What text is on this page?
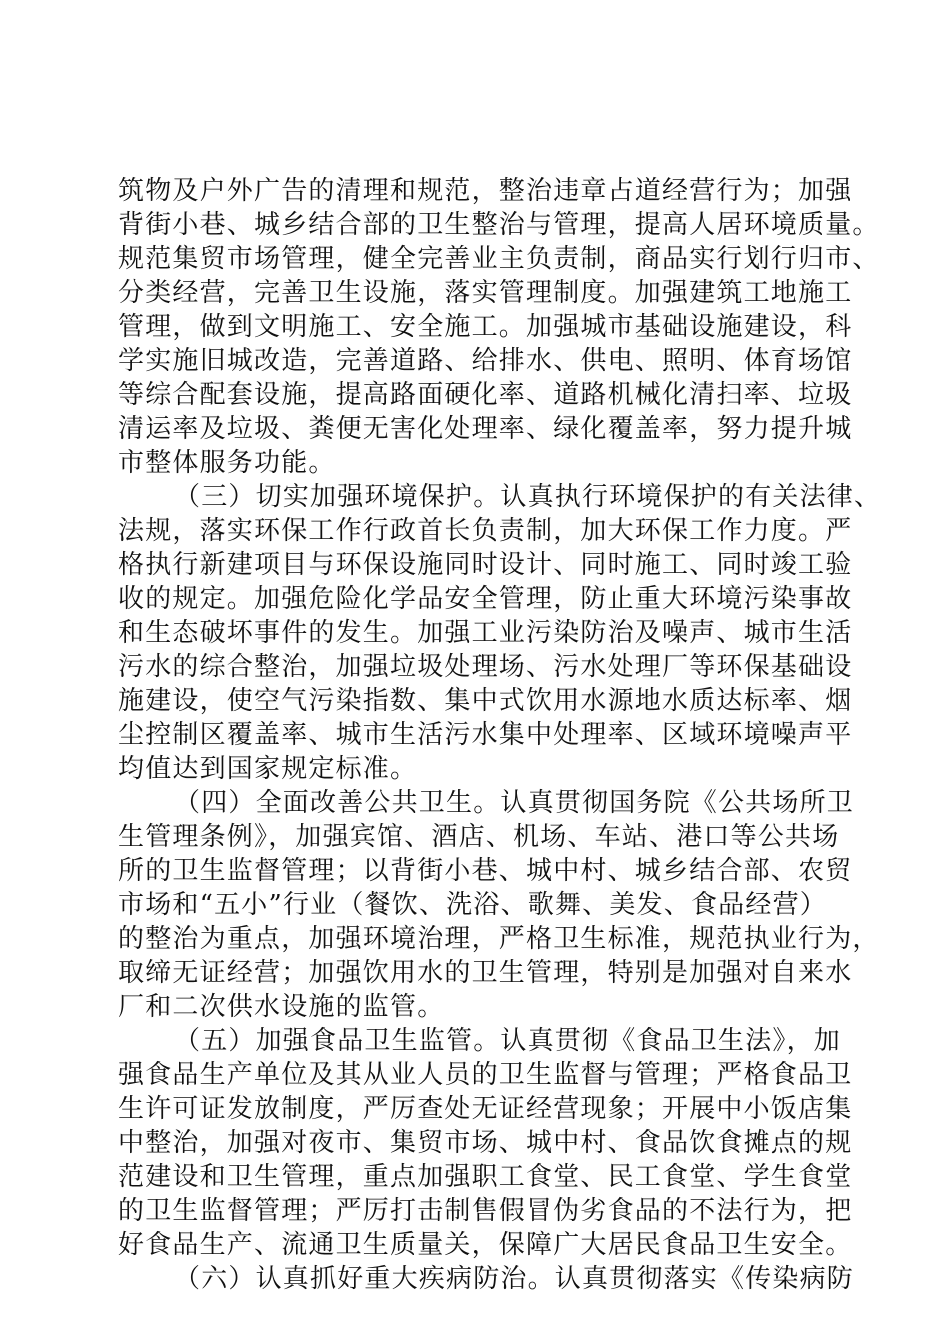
筑物及户外广告的清理和规范，整治违章占道经营行为；加强
背街小巷、城乡结合部的卫生整治与管理，提高人居环境质量。
规范集贸市场管理，健全完善业主负责制，商品实行划行归市、
分类经营，完善卫生设施，落实管理制度。加强建筑工地施工
管理，做到文明施工、安全施工。加强城市基础设施建设，科
学实施旧城改造，完善道路、给排水、供电、照明、体育场馆
等综合配套设施，提高路面硬化率、道路机械化清扫率、垃圾
清运率及垃圾、粪便无害化处理率、绿化覆盖率，努力提升城
市整体服务功能。
（三）切实加强环境保护。认真执行环境保护的有关法律、
法规，落实环保工作行政首长负责制，加大环保工作力度。严
格执行新建项目与环保设施同时设计、同时施工、同时竣工验
收的规定。加强危险化学品安全管理，防止重大环境污染事故
和生态破坏事件的发生。加强工业污染防治及噪声、城市生活
污水的综合整治，加强垃圾处理场、污水处理厂等环保基础设
施建设，使空气污染指数、集中式饮用水源地水质达标率、烟
尘控制区覆盖率、城市生活污水集中处理率、区域环境噪声平
均值达到国家规定标准。
（四）全面改善公共卫生。认真贯彻国务院《公共场所卫
生管理条例》，加强宾馆、酒店、机场、车站、港口等公共场
所的卫生监督管理；以背街小巷、城中村、城乡结合部、农贸
市场和“五小”行业（餐饮、洗浴、歌舞、美发、食品经营）
的整治为重点，加强环境治理，严格卫生标准，规范执业行为，
取缔无证经营；加强饮用水的卫生管理，特别是加强对自来水
厂和二次供水设施的监管。
（五）加强食品卫生监管。认真贯彻《食品卫生法》，加
强食品生产单位及其从业人员的卫生监督与管理；严格食品卫
生许可证发放制度，严厉查处无证经营现象；开展中小饭店集
中整治，加强对夜市、集贸市场、城中村、食品饮食摊点的规
范建设和卫生管理，重点加强职工食堂、民工食堂、学生食堂
的卫生监督管理；严厉打击制售假冒伪劣食品的不法行为，把
好食品生产、流通卫生质量关，保障广大居民食品卫生安全。
（六）认真抓好重大疾病防治。认真贯彻落实《传染病防
